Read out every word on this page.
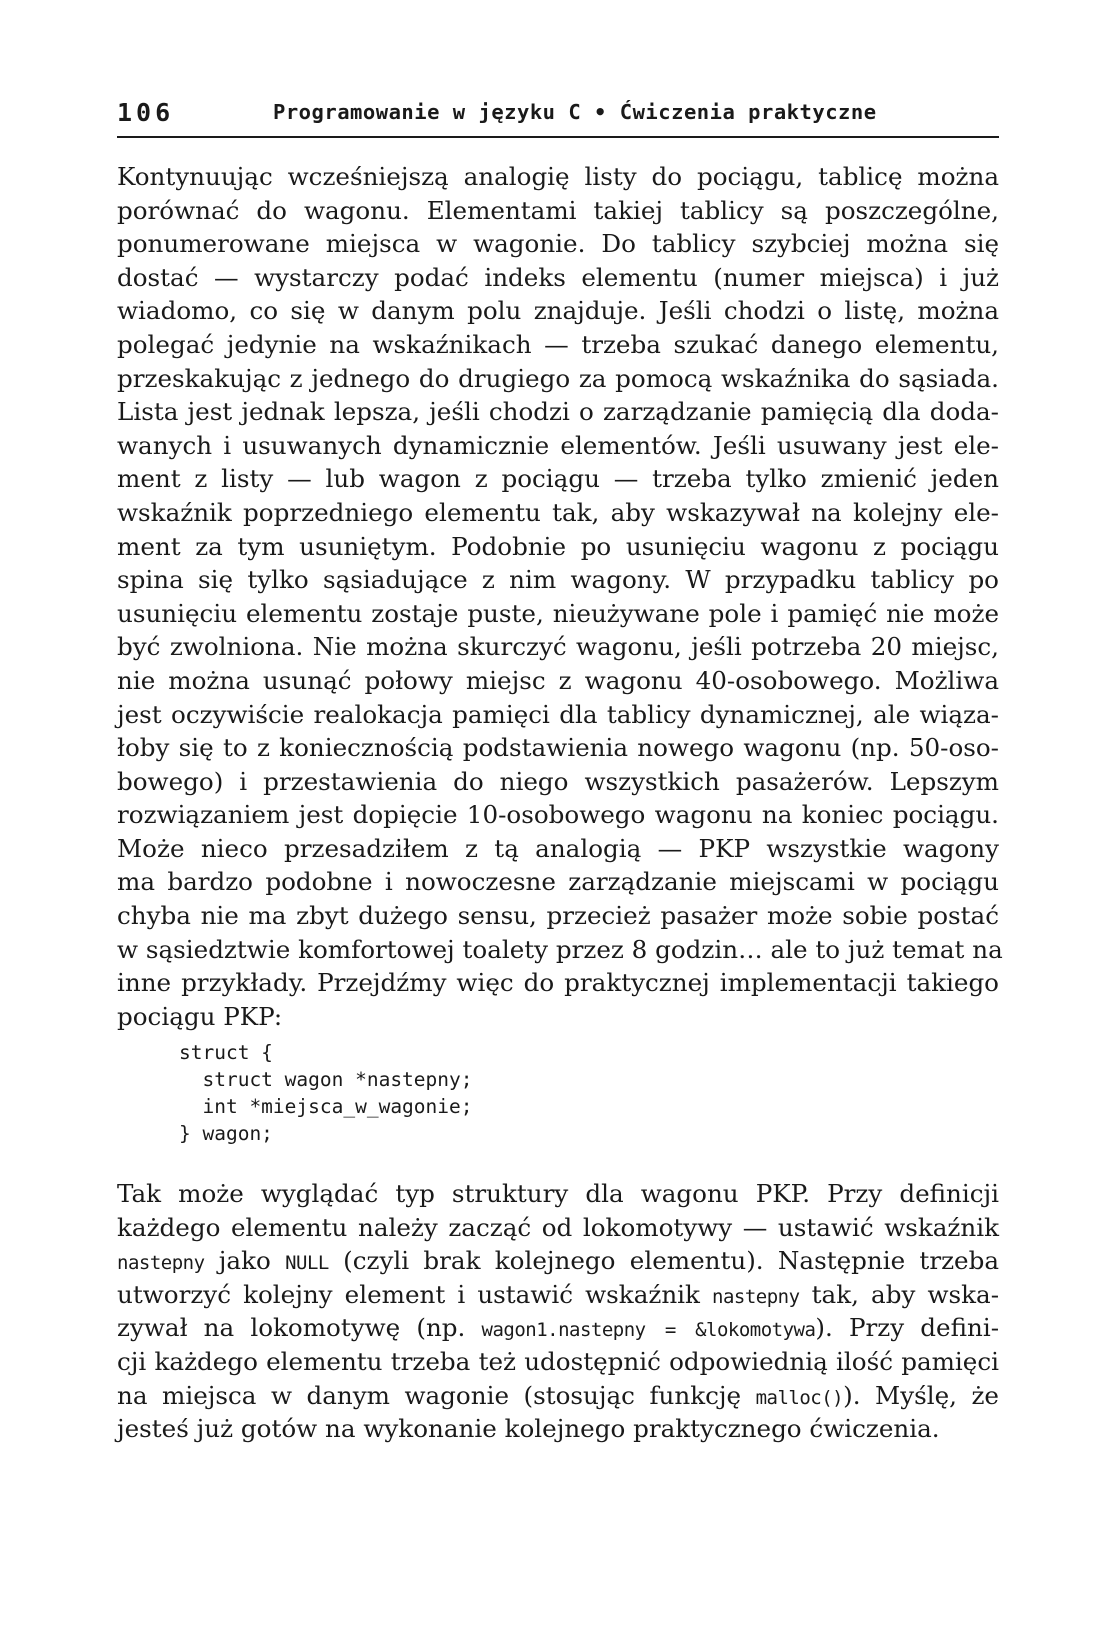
106	Programowanie w języku C • Ćwiczenia praktyczne
Kontynuując wcześniejszą analogię listy do pociągu, tablicę można
porównać do wagonu. Elementami takiej tablicy są poszczególne,
ponumerowane miejsca w wagonie. Do tablicy szybciej można się
dostać — wystarczy podać indeks elementu (numer miejsca) i już
wiadomo, co się w danym polu znajduje. Jeśli chodzi o listę, można
polegać jedynie na wskaźnikach — trzeba szukać danego elementu,
przeskakując z jednego do drugiego za pomocą wskaźnika do sąsiada.
Lista jest jednak lepsza, jeśli chodzi o zarządzanie pamięcią dla doda-
wanych i usuwanych dynamicznie elementów. Jeśli usuwany jest ele-
ment z listy — lub wagon z pociągu — trzeba tylko zmienić jeden
wskaźnik poprzedniego elementu tak, aby wskazywał na kolejny ele-
ment za tym usuniętym. Podobnie po usunięciu wagonu z pociągu
spina się tylko sąsiadujące z nim wagony. W przypadku tablicy po
usunięciu elementu zostaje puste, nieużywane pole i pamięć nie może
być zwolniona. Nie można skurczyć wagonu, jeśli potrzeba 20 miejsc,
nie można usunąć połowy miejsc z wagonu 40-osobowego. Możliwa
jest oczywiście realokacja pamięci dla tablicy dynamicznej, ale wiąza-
łoby się to z koniecznością podstawienia nowego wagonu (np. 50-oso-
bowego) i przestawienia do niego wszystkich pasażerów. Lepszym
rozwiązaniem jest dopięcie 10-osobowego wagonu na koniec pociągu.
Może nieco przesadziłem z tą analogią — PKP wszystkie wagony
ma bardzo podobne i nowoczesne zarządzanie miejscami w pociągu
chyba nie ma zbyt dużego sensu, przecież pasażer może sobie postać
w sąsiedztwie komfortowej toalety przez 8 godzin… ale to już temat na
inne przykłady. Przejdźmy więc do praktycznej implementacji takiego
pociągu PKP:
struct {
struct wagon *nastepny;
int *miejsca_w_wagonie;
} wagon;
Tak może wyglądać typ struktury dla wagonu PKP. Przy definicji
każdego elementu należy zacząć od lokomotywy — ustawić wskaźnik
nastepny jako NULL (czyli brak kolejnego elementu). Następnie trzeba
utworzyć kolejny element i ustawić wskaźnik nastepny tak, aby wska-
zywał na lokomotywę (np. wagon1.nastepny = &lokomotywa). Przy defini-
cji każdego elementu trzeba też udostępnić odpowiednią ilość pamięci
na miejsca w danym wagonie (stosując funkcję malloc()). Myślę, że
jesteś już gotów na wykonanie kolejnego praktycznego ćwiczenia.
